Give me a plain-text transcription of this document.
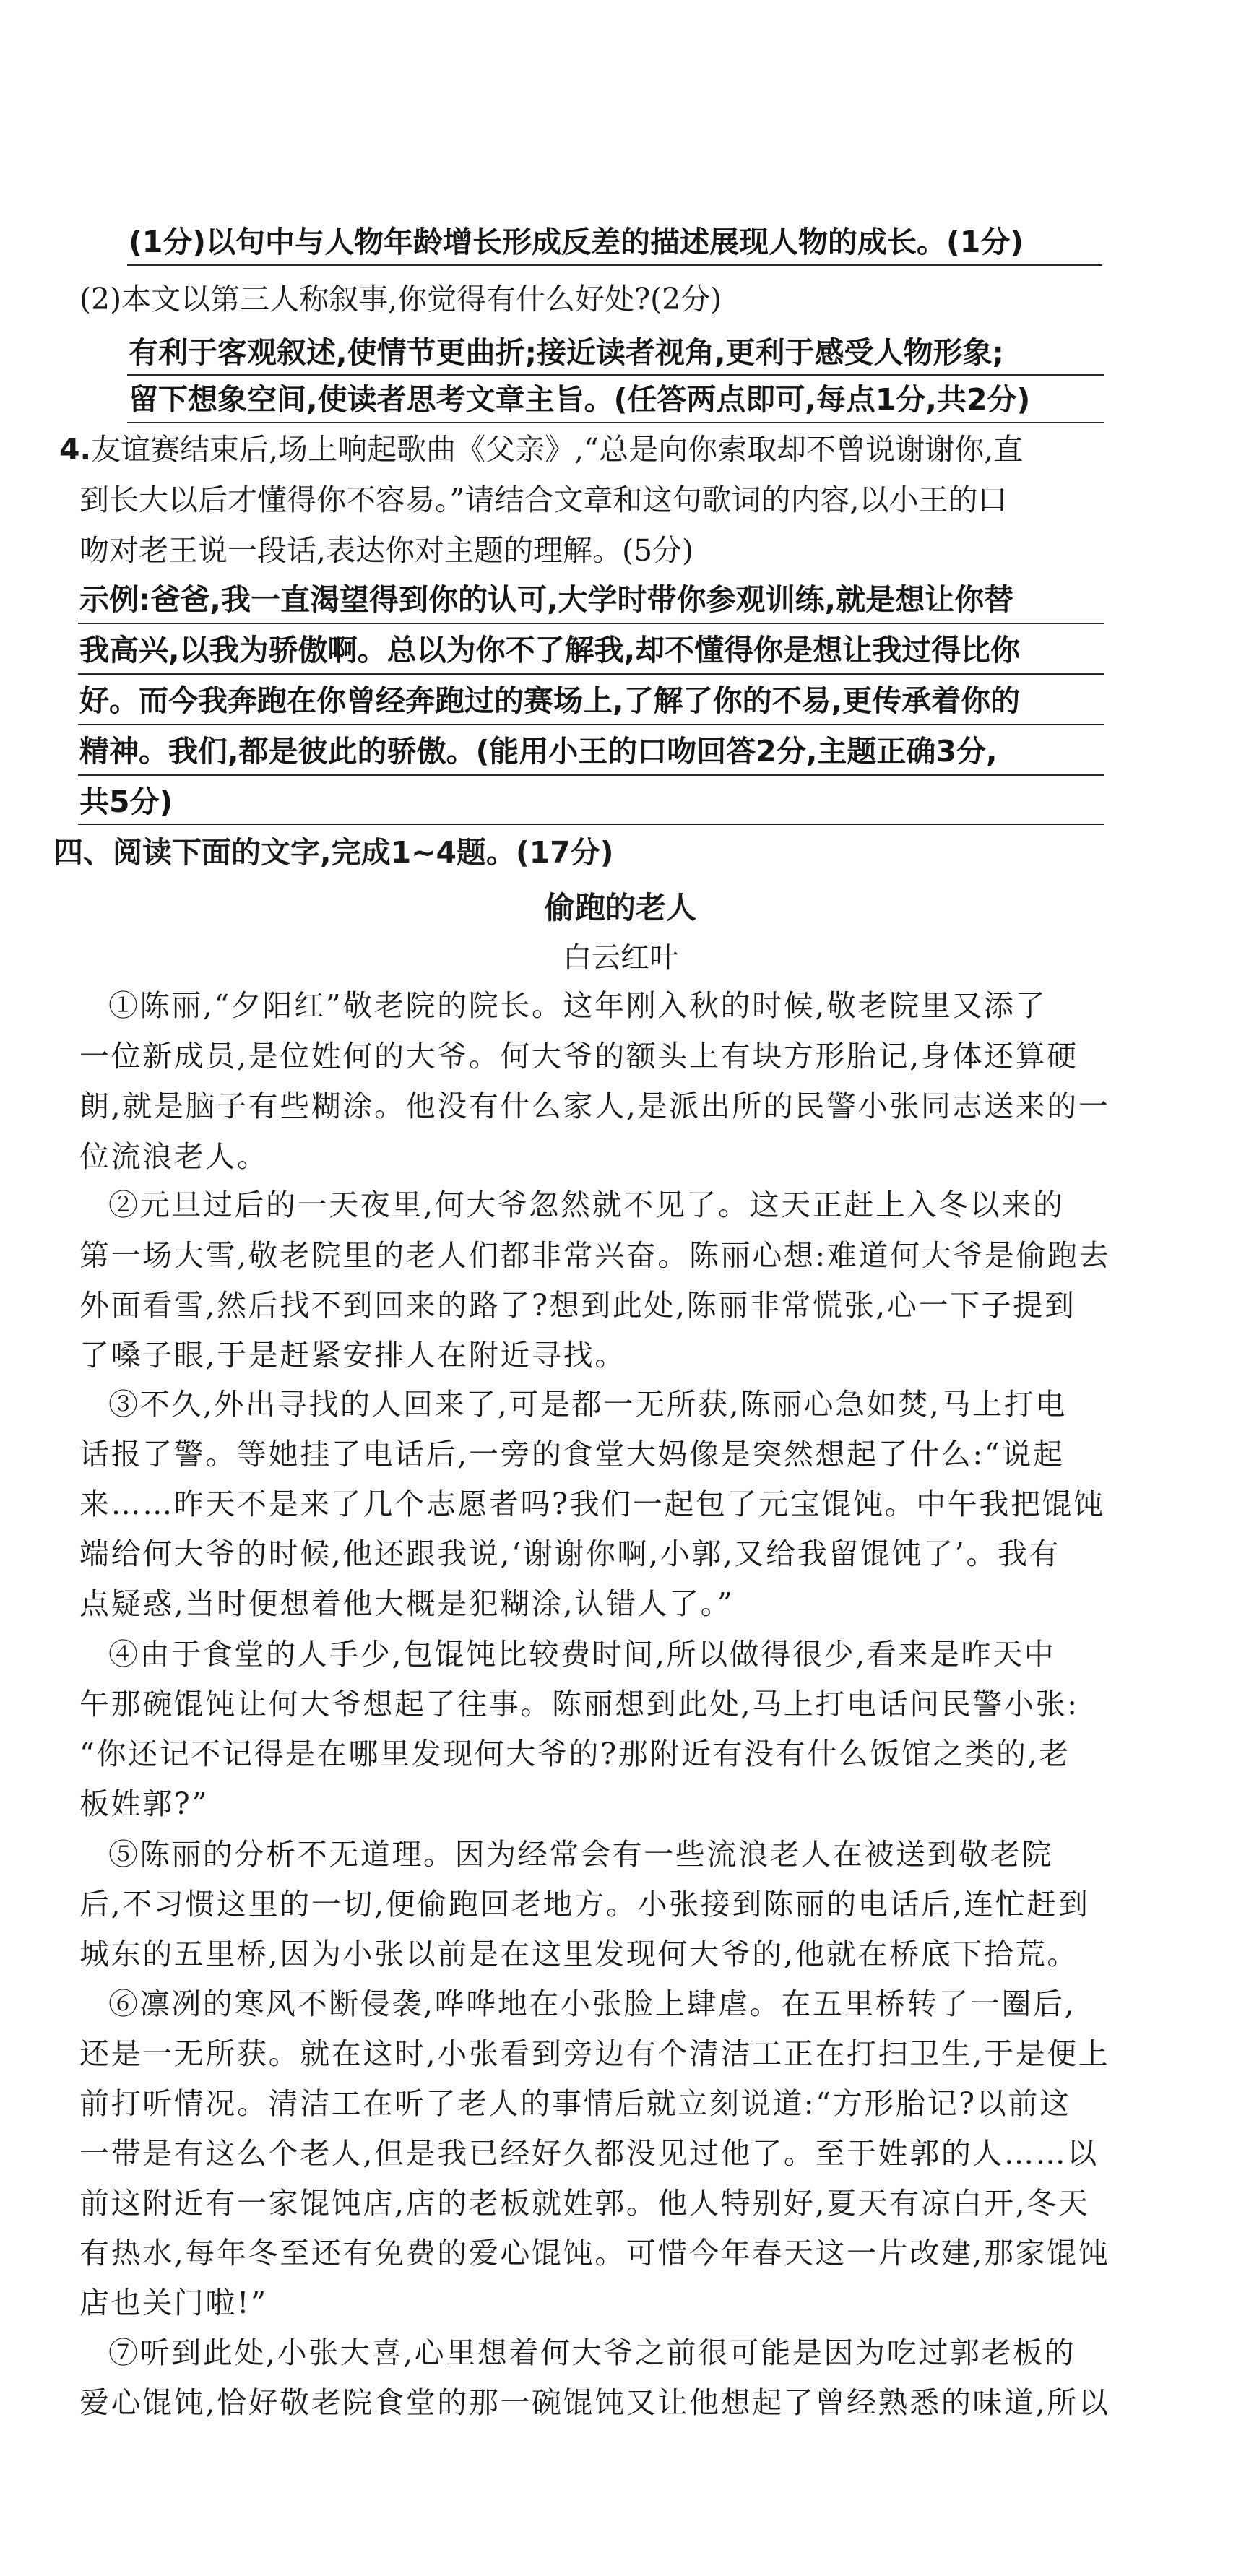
(1分)以句中与人物年龄增长形成反差的描述展现人物的成长。(1分)
(2)本文以第三人称叙事,你觉得有什么好处?(2分)
有利于客观叙述,使情节更曲折;接近读者视角,更利于感受人物形象;
留下想象空间,使读者思考文章主旨。(任答两点即可,每点1分,共2分)
4.友谊赛结束后,场上响起歌曲《父亲》,“总是向你索取却不曾说谢谢你,直
到长大以后才懂得你不容易。”请结合文章和这句歌词的内容,以小王的口
吻对老王说一段话,表达你对主题的理解。(5分)
示例:爸爸,我一直渴望得到你的认可,大学时带你参观训练,就是想让你替
我高兴,以我为骄傲啊。总以为你不了解我,却不懂得你是想让我过得比你
好。而今我奔跑在你曾经奔跑过的赛场上,了解了你的不易,更传承着你的
精神。我们,都是彼此的骄傲。(能用小王的口吻回答2分,主题正确3分,
共5分)
四、阅读下面的文字,完成1~4题。(17分)
偷跑的老人
白云红叶
①陈丽,“夕阳红”敬老院的院长。这年刚入秋的时候,敬老院里又添了
一位新成员,是位姓何的大爷。何大爷的额头上有块方形胎记,身体还算硬
朗,就是脑子有些糊涂。他没有什么家人,是派出所的民警小张同志送来的一
位流浪老人。
②元旦过后的一天夜里,何大爷忽然就不见了。这天正赶上入冬以来的
第一场大雪,敬老院里的老人们都非常兴奋。陈丽心想:难道何大爷是偷跑去
外面看雪,然后找不到回来的路了?想到此处,陈丽非常慌张,心一下子提到
了嗓子眼,于是赶紧安排人在附近寻找。
③不久,外出寻找的人回来了,可是都一无所获,陈丽心急如焚,马上打电
话报了警。等她挂了电话后,一旁的食堂大妈像是突然想起了什么:“说起
来……昨天不是来了几个志愿者吗?我们一起包了元宝馄饨。中午我把馄饨
端给何大爷的时候,他还跟我说,‘谢谢你啊,小郭,又给我留馄饨了’。我有
点疑惑,当时便想着他大概是犯糊涂,认错人了。”
④由于食堂的人手少,包馄饨比较费时间,所以做得很少,看来是昨天中
午那碗馄饨让何大爷想起了往事。陈丽想到此处,马上打电话问民警小张:
“你还记不记得是在哪里发现何大爷的?那附近有没有什么饭馆之类的,老
板姓郭?”
⑤陈丽的分析不无道理。因为经常会有一些流浪老人在被送到敬老院
后,不习惯这里的一切,便偷跑回老地方。小张接到陈丽的电话后,连忙赶到
城东的五里桥,因为小张以前是在这里发现何大爷的,他就在桥底下拾荒。
⑥凛冽的寒风不断侵袭,哗哗地在小张脸上肆虐。在五里桥转了一圈后,
还是一无所获。就在这时,小张看到旁边有个清洁工正在打扫卫生,于是便上
前打听情况。清洁工在听了老人的事情后就立刻说道:“方形胎记?以前这
一带是有这么个老人,但是我已经好久都没见过他了。至于姓郭的人……以
前这附近有一家馄饨店,店的老板就姓郭。他人特别好,夏天有凉白开,冬天
有热水,每年冬至还有免费的爱心馄饨。可惜今年春天这一片改建,那家馄饨
店也关门啦!”
⑦听到此处,小张大喜,心里想着何大爷之前很可能是因为吃过郭老板的
爱心馄饨,恰好敬老院食堂的那一碗馄饨又让他想起了曾经熟悉的味道,所以
